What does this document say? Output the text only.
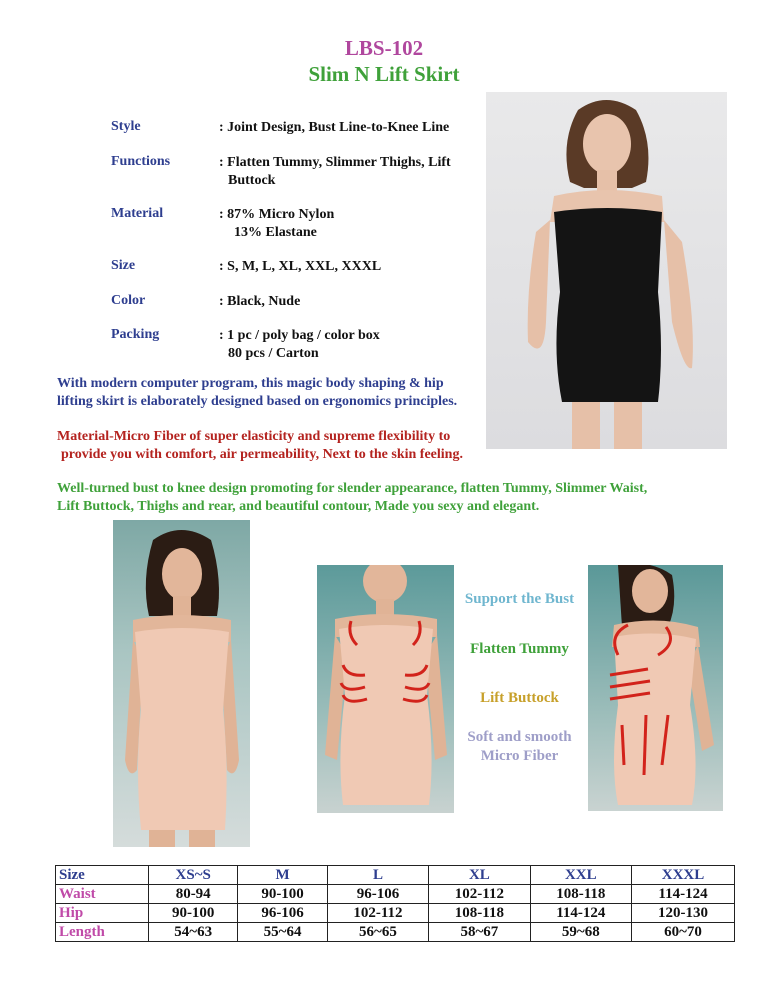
LBS-102
Slim N Lift Skirt
Style	: Joint Design, Bust Line-to-Knee Line
Functions	: Flatten Tummy, Slimmer Thighs, Lift
Buttock
Material	: 87% Micro Nylon
13% Elastane
Size	: S, M, L, XL, XXL, XXXL
Color	: Black, Nude
Packing	: 1 pc / poly bag / color box
80 pcs / Carton
With modern computer program, this magic body shaping & hip
lifting skirt is elaborately designed based on ergonomics principles.
Material-Micro Fiber of super elasticity and supreme flexibility to
provide you with comfort, air permeability, Next to the skin feeling.
Well-turned bust to knee design promoting for slender appearance, flatten Tummy, Slimmer Waist,
Lift Buttock, Thighs and rear, and beautiful contour, Made you sexy and elegant.
Support the Bust
Flatten Tummy
Lift Buttock
Soft and smooth Micro Fiber
Size	XS~S	M	L	XL	XXL	XXXL
Waist	80-94	90-100	96-106	102-112	108-118	114-124
Hip	90-100	96-106	102-112	108-118	114-124	120-130
Length	54~63	55~64	56~65	58~67	59~68	60~70
